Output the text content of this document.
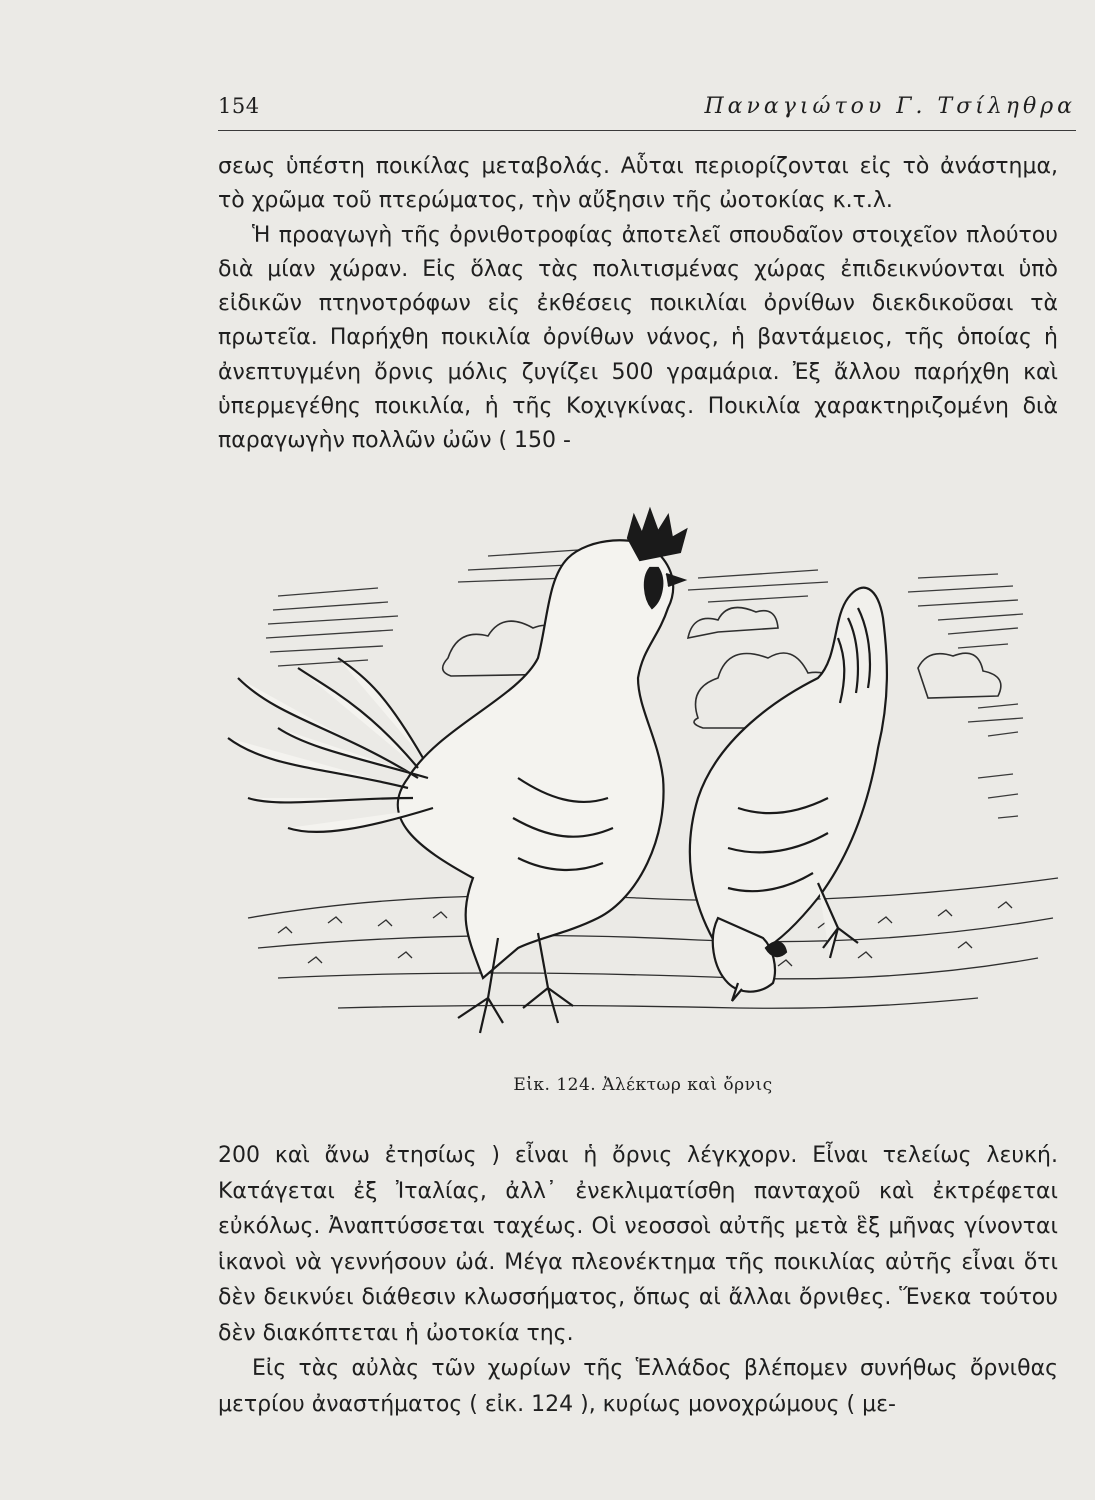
154	Παναγιώτου Γ. Τσίληθρα

σεως ὑπέστη ποικίλας μεταβολάς. Αὗται περιορίζονται εἰς τὸ ἀνάστημα, τὸ χρῶμα τοῦ πτερώματος, τὴν αὔξησιν τῆς ὠοτοκίας κ.τ.λ.

Ἡ προαγωγὴ τῆς ὀρνιθοτροφίας ἀποτελεῖ σπουδαῖον στοιχεῖον πλούτου διὰ μίαν χώραν. Εἰς ὅλας τὰς πολιτισμένας χώρας ἐπιδεικνύονται ὑπὸ εἰδικῶν πτηνοτρόφων εἰς ἐκθέσεις ποικιλίαι ὀρνίθων διεκδικοῦσαι τὰ πρωτεῖα. Παρήχθη ποικιλία ὀρνίθων νάνος, ἡ βαντάμειος, τῆς ὁποίας ἡ ἀνεπτυγμένη ὄρνις μόλις ζυγίζει 500 γραμάρια. Ἐξ ἄλλου παρήχθη καὶ ὑπερμεγέθης ποικιλία, ἡ τῆς Κοχιγκίνας. Ποικιλία χαρακτηριζομένη διὰ παραγωγὴν πολλῶν ὠῶν ( 150 -

Εἰκ. 124. Ἀλέκτωρ καὶ ὄρνις

200 καὶ ἄνω ἐτησίως ) εἶναι ἡ ὄρνις λέγκχορν. Εἶναι τελείως λευκή. Κατάγεται ἐξ Ἰταλίας, ἀλλ᾽ ἐνεκλιματίσθη πανταχοῦ καὶ ἐκτρέφεται εὐκόλως. Ἀναπτύσσεται ταχέως. Οἱ νεοσσοὶ αὐτῆς μετὰ ἓξ μῆνας γίνονται ἱκανοὶ νὰ γεννήσουν ὠά. Μέγα πλεονέκτημα τῆς ποικιλίας αὐτῆς εἶναι ὅτι δὲν δεικνύει διάθεσιν κλωσσήματος, ὅπως αἱ ἄλλαι ὄρνιθες. Ἕνεκα τούτου δὲν διακόπτεται ἡ ὠοτοκία της.

Εἰς τὰς αὐλὰς τῶν χωρίων τῆς Ἑλλάδος βλέπομεν συνήθως ὄρνιθας μετρίου ἀναστήματος ( εἰκ. 124 ), κυρίως μονοχρώμους ( με-
